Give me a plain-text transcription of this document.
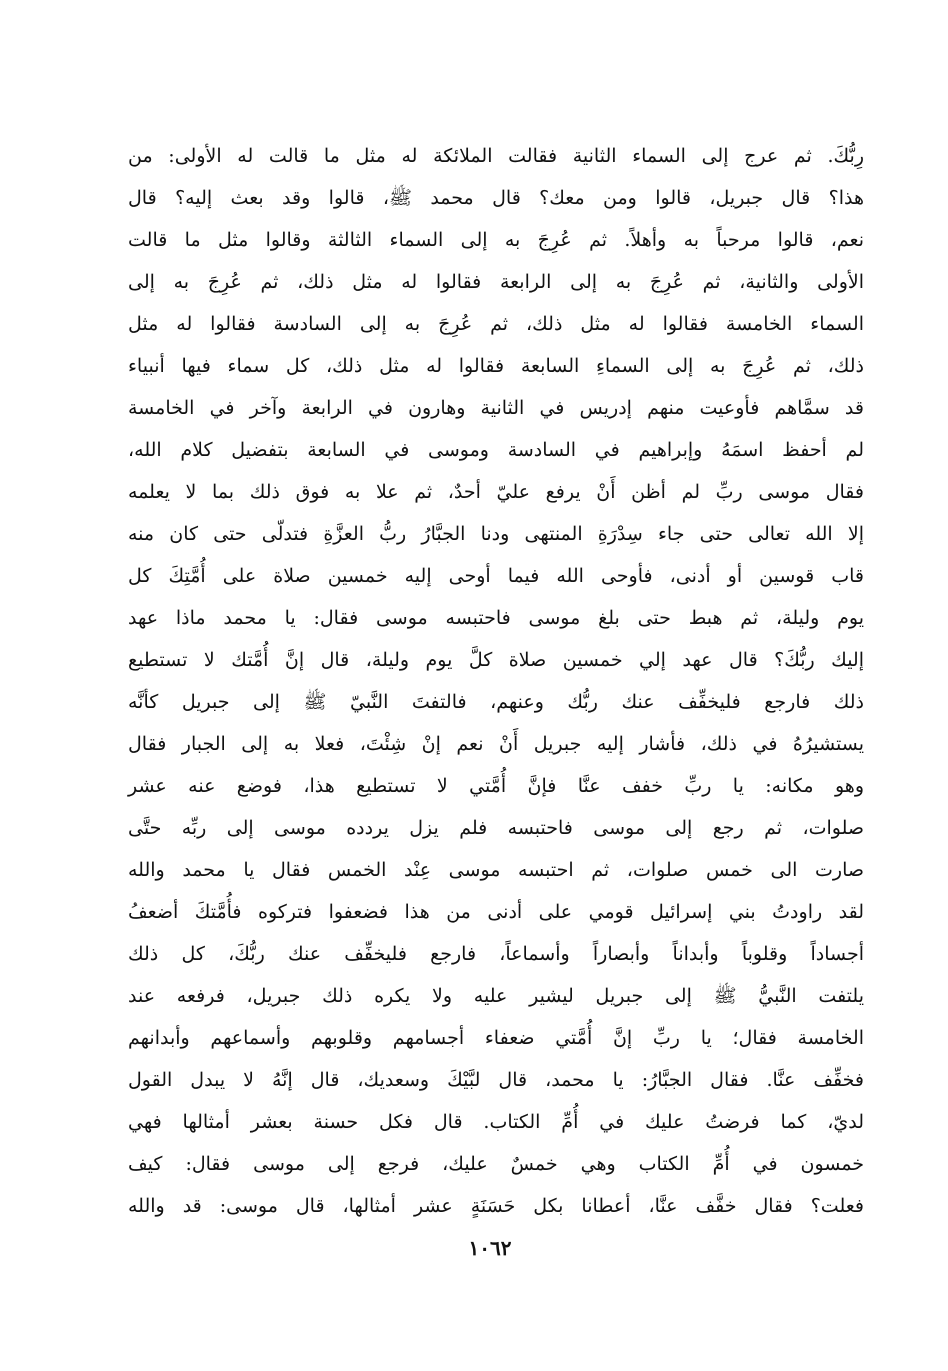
رِبُّكَ. ثم عرج إلى السماء الثانية فقالت الملائكة له مثل ما قالت له الأولى: من
هذا؟ قال جبريل، قالوا ومن معك؟ قال محمد ﷺ، قالوا وقد بعث إليه؟ قال
نعم، قالوا مرحباً به وأهلاً. ثم عُرِجَ به إلى السماء الثالثة وقالوا مثل ما قالت
الأولى والثانية، ثم عُرِجَ به إلى الرابعة فقالوا له مثل ذلك، ثم عُرِجَ به إلى
السماء الخامسة فقالوا له مثل ذلك، ثم عُرِجَ به إلى السادسة فقالوا له مثل
ذلك، ثم عُرِجَ به إلى السماءِ السابعة فقالوا له مثل ذلك، كل سماء فيها أنبياء
قد سمَّاهم فأوعيت منهم إدريس في الثانية وهارون في الرابعة وآخر في الخامسة
لم أحفظ اسمَهُ وإبراهيم في السادسة وموسى في السابعة بتفضيل كلام الله،
فقال موسى ربِّ لم أظن أَنْ يرفع عليّ أحدٌ، ثم علا به فوق ذلك بما لا يعلمه
إلا الله تعالى حتى جاء سِدْرَةِ المنتهى ودنا الجبَّارُ ربُّ العزَّةِ فتدلّى حتى كان منه
قاب قوسين أو أدنى، فأوحى الله فيما أوحى إليه خمسين صلاة على أُمَّتِكَ كل
يوم وليلة، ثم هبط حتى بلغ موسى فاحتبسه موسى فقال: يا محمد ماذا عهد
إليك ربُّكَ؟ قال عهد إلي خمسين صلاة كلَّ يوم وليلة، قال إنَّ أُمَّتك لا تستطيع
ذلك فارجع فليخفِّف عنك ربُّك وعنهم، فالتفتَ النَّبيّ ﷺ إلى جبريل كأنَّه
يستشيرُهُ في ذلك، فأشار إليه جبريل أَنْ نعم إنْ شِئْتَ، فعلا به إلى الجبار فقال
وهو مكانه: يا ربِّ خفف عنَّا فإنَّ أُمَّتي لا تستطيع هذا، فوضع عنه عشر
صلوات، ثم رجع إلى موسى فاحتبسه فلم يزل يردده موسى إلى ربِّه حتَّى
صارت الى خمس صلوات، ثم احتبسه موسى عِنْد الخمس فقال يا محمد والله
لقد راودتُ بني إسرائيل قومي على أدنى من هذا فضعفوا فتركوه فأُمَّتكَ أضعفُ
أجساداً وقلوباً وأبداناً وأبصاراً وأسماعاً، فارجع فليخفِّف عنك ربُّكَ، كل ذلك
يلتفت النَّبيُّ ﷺ إلى جبريل ليشير عليه ولا يكره ذلك جبريل، فرفعه عند
الخامسة فقال؛ يا ربِّ إنَّ أُمَّتي ضعفاء أجسامهم وقلوبهم وأسماعهم وأبدانهم
فخفِّف عنَّا. فقال الجبَّارُ: يا محمد، قال لبَّيْكَ وسعديك، قال إنَّهُ لا يبدل القول
لديّ، كما فرضتُ عليك في أُمِّ الكتاب. قال فكل حسنة بعشر أمثالها فهي
خمسون في أُمِّ الكتاب وهي خمسٌ عليك، فرجع إلى موسى فقال: كيف
فعلت؟ فقال خفَّف عنَّا، أعطانا بكل حَسَنَةٍ عشر أمثالها، قال موسى: قد والله
١٠٦٢
